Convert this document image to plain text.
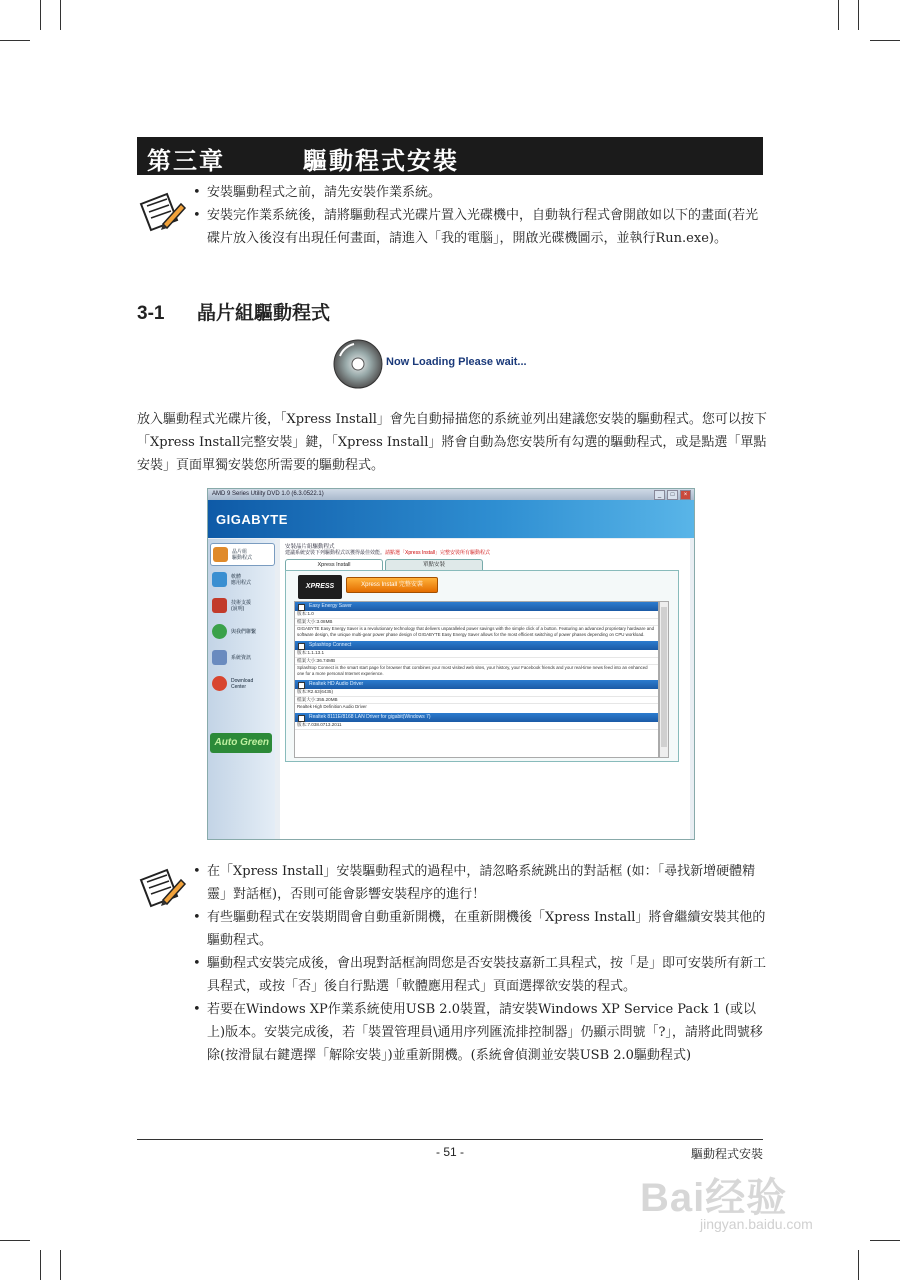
第三章　　　驅動程式安裝
• 安裝驅動程式之前，請先安裝作業系統。
• 安裝完作業系統後，請將驅動程式光碟片置入光碟機中，自動執行程式會開啟如以下的畫面(若光碟片放入後沒有出現任何畫面，請進入「我的電腦」，開啟光碟機圖示，並執行Run.exe)。
3-1 晶片組驅動程式
Now Loading Please wait...
放入驅動程式光碟片後，「Xpress Install」會先自動掃描您的系統並列出建議您安裝的驅動程式。您可以按下「Xpress Install完整安裝」鍵，「Xpress Install」將會自動為您安裝所有勾選的驅動程式，或是點選「單點安裝」頁面單獨安裝您所需要的驅動程式。
AMD 9 Series Utility DVD 1.0 (6.3.0522.1)	_	□	×
GIGABYTE
晶片組
驅動程式
軟體
應用程式
技術支援
(說明)
與我們聯繫
系統資訊
Download
Center
Auto Green
安裝晶片組驅動程式
建議系統安裝下列驅動程式以獲得最佳效能。請點選「Xpress Install」完整安裝所有驅動程式
Xpress Install	單點安裝
XPRESS	Xpress Install 完整安裝
Easy Energy Saver
版本:1.0
檔案大小:3.08MB
GIGABYTE Easy Energy Saver is a revolutionary technology that delivers unparalleled power savings with the simple click of a button. Featuring an advanced proprietary hardware and software design, the unique multi-gear power phase design of GIGABYTE Easy Energy Saver allows for the most efficient switching of power phases depending on CPU workload.
Splashtop Connect
版本:1.1.13.1
檔案大小:36.74MB
Splashtop Connect is the smart start page for browser that combines your most visited web sites, your history, your Facebook friends and your real-time news feed into an enhanced one for a more personal Internet experience.
Realtek HD Audio Driver
版本:R2.63(6435)
檔案大小:355.20MB
Realtek High Definition Audio Driver
Realtek 8111E/8168 LAN Driver for gigabit(Windows 7)
版本:7.038.0713.2011
• 在「Xpress Install」安裝驅動程式的過程中，請忽略系統跳出的對話框 (如：「尋找新增硬體精靈」對話框)，否則可能會影響安裝程序的進行！
• 有些驅動程式在安裝期間會自動重新開機，在重新開機後「Xpress Install」將會繼續安裝其他的驅動程式。
• 驅動程式安裝完成後，會出現對話框詢問您是否安裝技嘉新工具程式，按「是」即可安裝所有新工具程式，或按「否」後自行點選「軟體應用程式」頁面選擇欲安裝的程式。
• 若要在Windows XP作業系統使用USB 2.0裝置，請安裝Windows XP Service Pack 1 (或以上)版本。安裝完成後，若「裝置管理員\通用序列匯流排控制器」仍顯示問號「?」，請將此問號移除(按滑鼠右鍵選擇「解除安裝」)並重新開機。(系統會偵測並安裝USB 2.0驅動程式)
- 51 -	驅動程式安裝
Bai经验
jingyan.baidu.com
